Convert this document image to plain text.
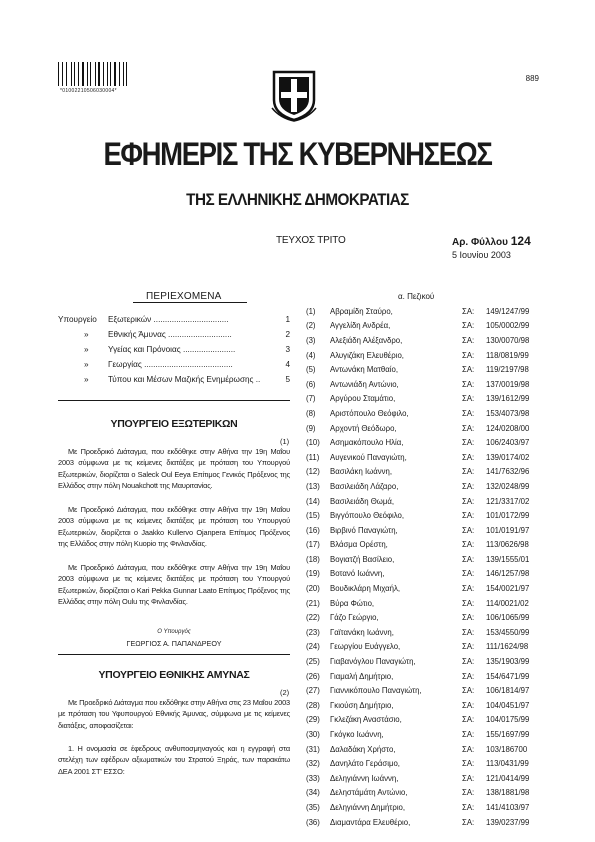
*01002210506030004*
889
ΕΦΗΜΕΡΙΣ ΤΗΣ ΚΥΒΕΡΝΗΣΕΩΣ
ΤΗΣ ΕΛΛΗΝΙΚΗΣ ΔΗΜΟΚΡΑΤΙΑΣ
ΤΕΥΧΟΣ ΤΡΙΤΟ	Αρ. Φύλλου 124
5 Ιουνίου 2003
ΠΕΡΙΕΧΟΜΕΝΑ
Υπουργείο	Εξωτερικών .................................	1
»	Εθνικής Άμυνας ............................	2
»	Υγείας και Πρόνοιας .......................	3
»	Γεωργίας .......................................	4
»	Τύπου και Μέσων Μαζικής Ενημέρωσης ..	5
ΥΠΟΥΡΓΕΙΟ ΕΞΩΤΕΡΙΚΩΝ
(1)
Με Προεδρικό Διάταγμα, που εκδόθηκε στην Αθήνα την 19η Μαΐου 2003 σύμφωνα με τις κείμενες διατάξεις με πρόταση του Υπουργού Εξωτερικών, διορίζεται ο Saleck Oul Eeya Επίτιμος Γενικός Πρόξενος της Ελλάδος στην πόλη Nouakchott της Μαυριτανίας.
Με Προεδρικό Διάταγμα, που εκδόθηκε στην Αθήνα την 19η Μαΐου 2003 σύμφωνα με τις κείμενες διατάξεις με πρόταση του Υπουργού Εξωτερικών, διορίζεται ο Jaakko Kullervo Ojanpera Επίτιμος Πρόξενος της Ελλάδος στην πόλη Kuopio της Φινλανδίας.
Με Προεδρικό Διάταγμα, που εκδόθηκε στην Αθήνα την 19η Μαΐου 2003 σύμφωνα με τις κείμενες διατάξεις με πρόταση του Υπουργού Εξωτερικών, διορίζεται ο Kari Pekka Gunnar Laato Επίτιμος Πρόξενος της Ελλάδας στην πόλη Oulu της Φινλανδίας.
Ο Υπουργός
ΓΕΩΡΓΙΟΣ Α. ΠΑΠΑΝΔΡΕΟΥ
ΥΠΟΥΡΓΕΙΟ ΕΘΝΙΚΗΣ ΑΜΥΝΑΣ
(2)
Με Προεδρικό Διάταγμα που εκδόθηκε στην Αθήνα στις 23 Μαΐου 2003 με πρόταση του Υφυπουργού Εθνικής Άμυνας, σύμφωνα με τις κείμενες διατάξεις, αποφασίζεται:
1. Η ονομασία σε έφεδρους ανθυποσμηναγούς και η εγγραφή στα στελέχη των εφέδρων αξιωματικών του Στρατού Ξηράς, των παρακάτω ΔΕΑ 2001 ΣΤ' ΕΣΣΟ:
α. Πεζικού
(1)	Αβραμίδη Σταύρο,	ΣΑ:	149/1247/99
(2)	Αγγελίδη Ανδρέα,	ΣΑ:	105/0002/99
(3)	Αλεξιάδη Αλέξανδρο,	ΣΑ:	130/0070/98
(4)	Αλυγιζάκη Ελευθέριο,	ΣΑ:	118/0819/99
(5)	Αντωνάκη Ματθαίο,	ΣΑ:	119/2197/98
(6)	Αντωνιάδη Αντώνιο,	ΣΑ:	137/0019/98
(7)	Αργύρου Σταμάτιο,	ΣΑ:	139/1612/99
(8)	Αριστόπουλο Θεόφιλο,	ΣΑ:	153/4073/98
(9)	Αρχοντή Θεόδωρο,	ΣΑ:	124/0208/00
(10)	Ασημακόπουλο Ηλία,	ΣΑ:	106/2403/97
(11)	Αυγενικού Παναγιώτη,	ΣΑ:	139/0174/02
(12)	Βασιλάκη Ιωάννη,	ΣΑ:	141/7632/96
(13)	Βασιλειάδη Λάζαρο,	ΣΑ:	132/0248/99
(14)	Βασιλειάδη Θωμά,	ΣΑ:	121/3317/02
(15)	Βιγγόπουλο Θεόφιλο,	ΣΑ:	101/0172/99
(16)	Βιρβινό Παναγιώτη,	ΣΑ:	101/0191/97
(17)	Βλάσμα Ορέστη,	ΣΑ:	113/0626/98
(18)	Βογιατζή Βασίλειο,	ΣΑ:	139/1555/01
(19)	Βοτανό Ιωάννη,	ΣΑ:	146/1257/98
(20)	Βουδικλάρη Μιχαήλ,	ΣΑ:	154/0021/97
(21)	Βύρα Φώτιο,	ΣΑ:	114/0021/02
(22)	Γάζο Γεώργιο,	ΣΑ:	106/1065/99
(23)	Γαϊτανάκη Ιωάννη,	ΣΑ:	153/4550/99
(24)	Γεωργίου Ευάγγελο,	ΣΑ:	111/1624/98
(25)	Γιαβανόγλου Παναγιώτη,	ΣΑ:	135/1903/99
(26)	Γιαμαλή Δημήτριο,	ΣΑ:	154/6471/99
(27)	Γιαννικόπουλο Παναγιώτη,	ΣΑ:	106/1814/97
(28)	Γκιούση Δημήτριο,	ΣΑ:	104/0451/97
(29)	Γκλεζάκη Αναστάσιο,	ΣΑ:	104/0175/99
(30)	Γκόγκο Ιωάννη,	ΣΑ:	155/1697/99
(31)	Δαλαδάκη Χρήστο,	ΣΑ:	103/186700
(32)	Δανηλάτο Γεράσιμο,	ΣΑ:	113/0431/99
(33)	Δεληγιάννη Ιωάννη,	ΣΑ:	121/0414/99
(34)	Δεληστάμάτη Αντώνιο,	ΣΑ:	138/1881/98
(35)	Δεληγιάννη Δημήτριο,	ΣΑ:	141/4103/97
(36)	Διαμαντάρα Ελευθέριο,	ΣΑ:	139/0237/99
